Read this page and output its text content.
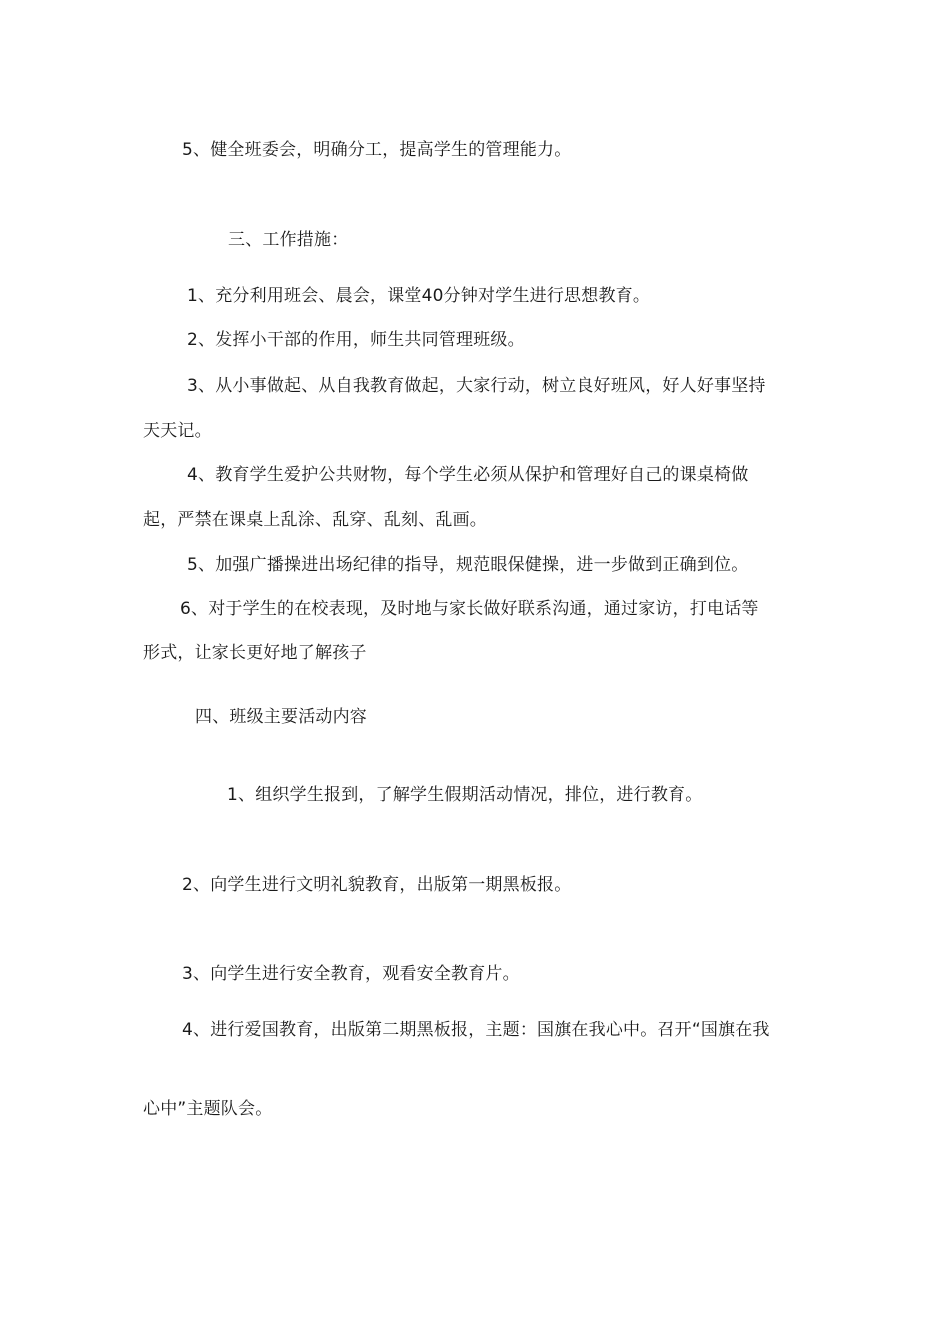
5、健全班委会，明确分工，提高学生的管理能力。
三、工作措施：
1、充分利用班会、晨会，课堂40分钟对学生进行思想教育。
2、发挥小干部的作用，师生共同管理班级。
3、从小事做起、从自我教育做起，大家行动，树立良好班风，好人好事坚持
天天记。
4、教育学生爱护公共财物，每个学生必须从保护和管理好自己的课桌椅做
起，严禁在课桌上乱涂、乱穿、乱刻、乱画。
5、加强广播操进出场纪律的指导，规范眼保健操，进一步做到正确到位。
6、对于学生的在校表现，及时地与家长做好联系沟通，通过家访，打电话等
形式，让家长更好地了解孩子
四、班级主要活动内容
1、组织学生报到，了解学生假期活动情况，排位，进行教育。
2、向学生进行文明礼貌教育，出版第一期黑板报。
3、向学生进行安全教育，观看安全教育片。
4、进行爱国教育，出版第二期黑板报，主题：国旗在我心中。召开“国旗在我
心中”主题队会。
